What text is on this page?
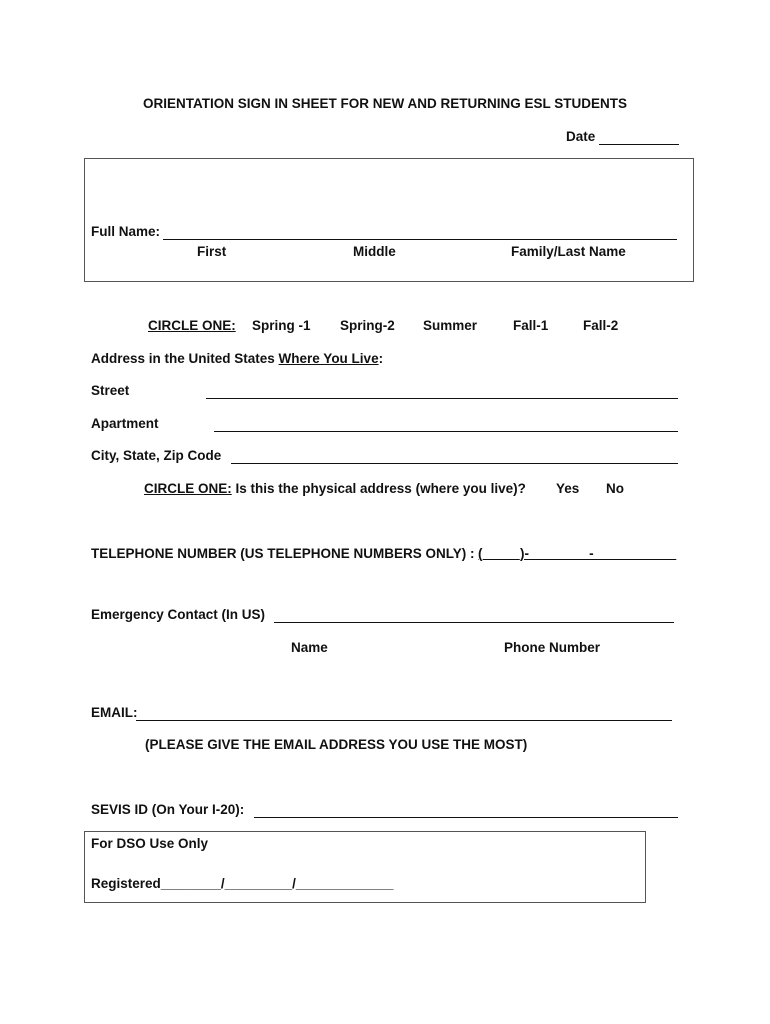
ORIENTATION SIGN IN SHEET FOR NEW AND RETURNING ESL STUDENTS
Date
Full Name:
First	Middle	Family/Last Name
CIRCLE ONE: Spring -1 Spring-2 Summer	Fall-1	Fall-2
Address in the United States Where You Live:
Street
Apartment
City, State, Zip Code
CIRCLE ONE: Is this the physical address (where you live)? Yes No
TELEPHONE NUMBER (US TELEPHONE NUMBERS ONLY) : (_____)-________-___________
Emergency Contact (In US)
Name	Phone Number
EMAIL:
(PLEASE GIVE THE EMAIL ADDRESS YOU USE THE MOST)
SEVIS ID (On Your I-20):
For DSO Use Only
Registered________/_________/_____________
